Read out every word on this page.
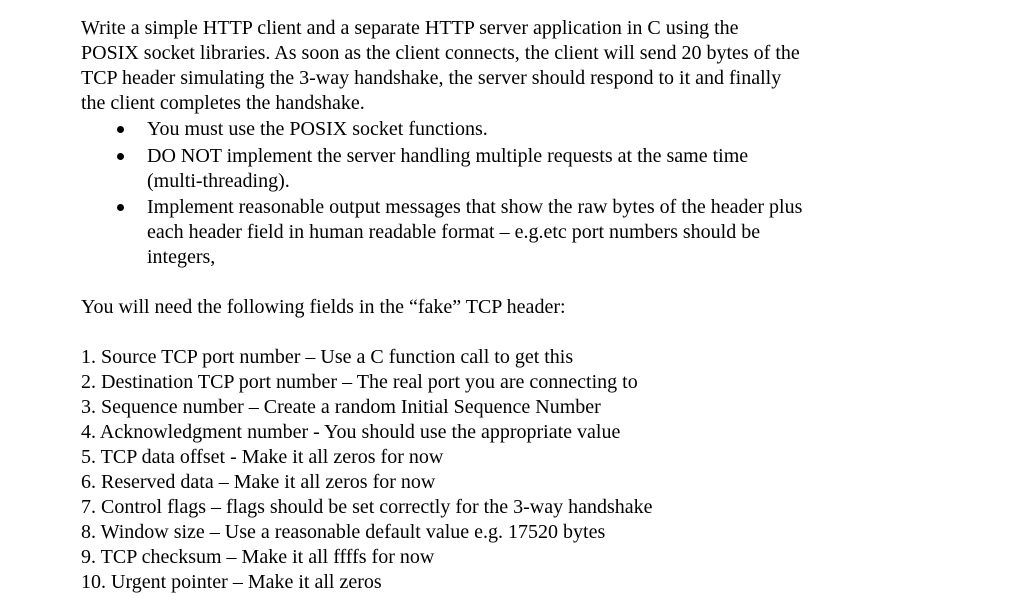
Write a simple HTTP client and a separate HTTP server application in C using the
POSIX socket libraries. As soon as the client connects, the client will send 20 bytes of the
TCP header simulating the 3-way handshake, the server should respond to it and finally
the client completes the handshake.
You must use the POSIX socket functions.
DO NOT implement the server handling multiple requests at the same time
(multi-threading).
Implement reasonable output messages that show the raw bytes of the header plus
each header field in human readable format – e.g.etc port numbers should be
integers,
You will need the following fields in the “fake” TCP header:
1. Source TCP port number – Use a C function call to get this
2. Destination TCP port number – The real port you are connecting to
3. Sequence number – Create a random Initial Sequence Number
4. Acknowledgment number - You should use the appropriate value
5. TCP data offset - Make it all zeros for now
6. Reserved data – Make it all zeros for now
7. Control flags – flags should be set correctly for the 3-way handshake
8. Window size – Use a reasonable default value e.g. 17520 bytes
9. TCP checksum – Make it all ffffs for now
10. Urgent pointer – Make it all zeros
